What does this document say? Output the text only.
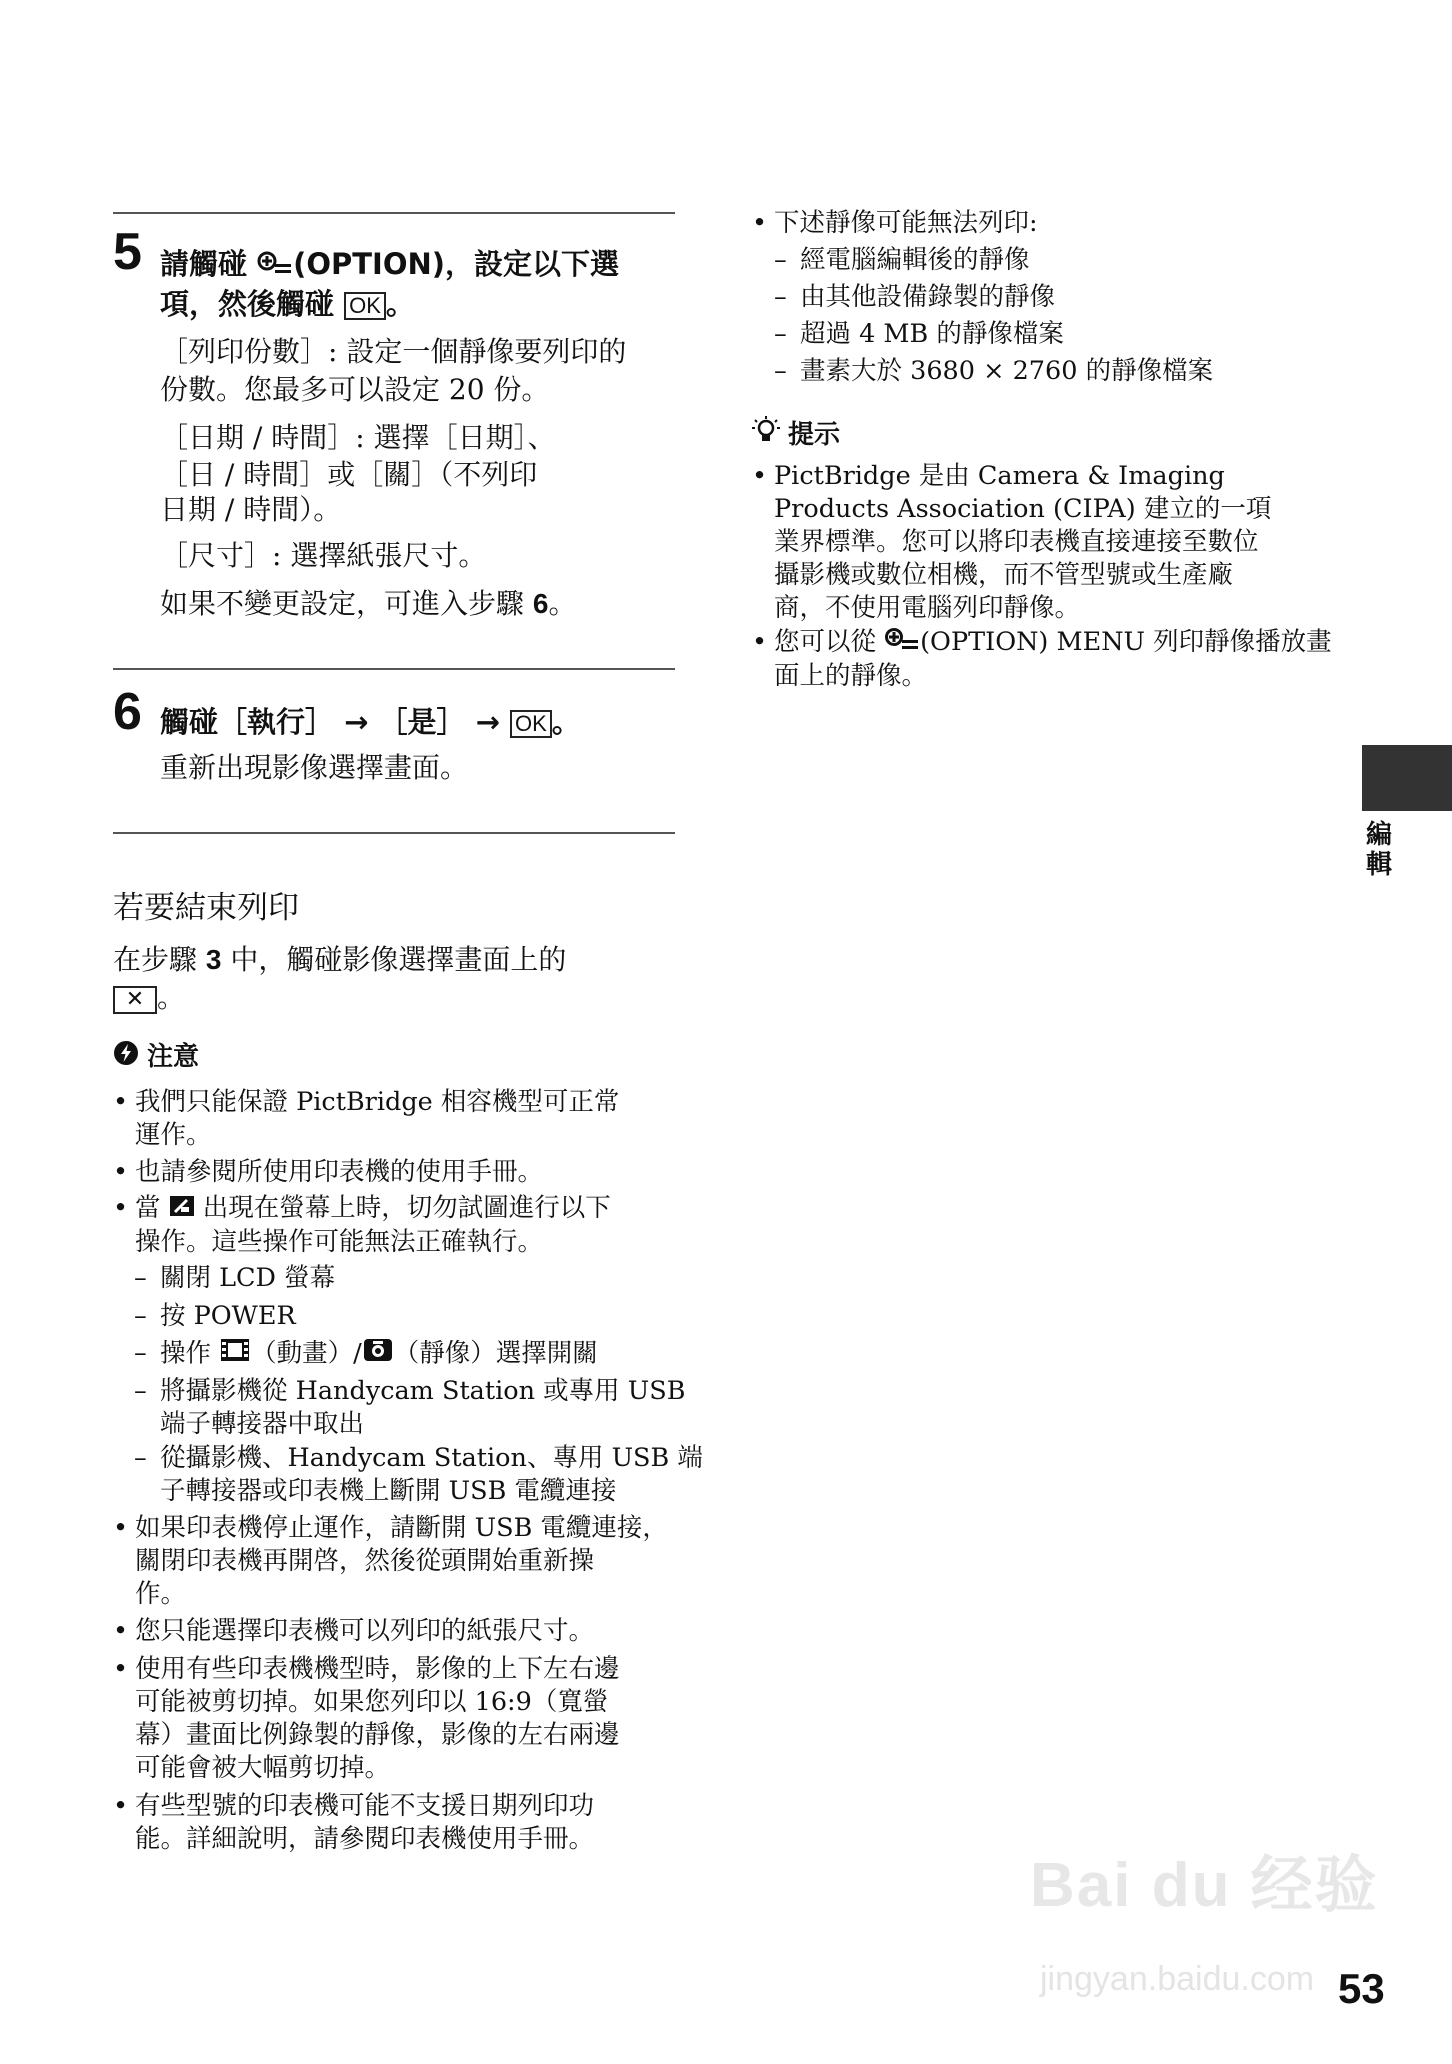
5 請觸碰 (OPTION)，設定以下選
項，然後觸碰 OK 。
［列印份數］: 設定一個靜像要列印的
份數。您最多可以設定 20 份。
［日期 / 時間］: 選擇［日期］、
［日 / 時間］或［關］（不列印
日期 / 時間）。
［尺寸］: 選擇紙張尺寸。
如果不變更設定，可進入步驟 6。
6 觸碰［執行］ → ［是］ → OK 。
重新出現影像選擇畫面。
若要結束列印
在步驟 3 中，觸碰影像選擇畫面上的
✕ 。
注意
• 我們只能保證 PictBridge 相容機型可正常
運作。
• 也請參閱所使用印表機的使用手冊。
• 當  出現在螢幕上時，切勿試圖進行以下
操作。這些操作可能無法正確執行。
– 關閉 LCD 螢幕
– 按 POWER
– 操作 （動畫）/ （靜像）選擇開關
– 將攝影機從 Handycam Station 或專用 USB
端子轉接器中取出
– 從攝影機、Handycam Station、專用 USB 端
子轉接器或印表機上斷開 USB 電纜連接
• 如果印表機停止運作，請斷開 USB 電纜連接，
關閉印表機再開啓，然後從頭開始重新操
作。
• 您只能選擇印表機可以列印的紙張尺寸。
• 使用有些印表機機型時，影像的上下左右邊
可能被剪切掉。如果您列印以 16:9（寬螢
幕）畫面比例錄製的靜像，影像的左右兩邊
可能會被大幅剪切掉。
• 有些型號的印表機可能不支援日期列印功
能。詳細說明，請參閱印表機使用手冊。
• 下述靜像可能無法列印:
– 經電腦編輯後的靜像
– 由其他設備錄製的靜像
– 超過 4 MB 的靜像檔案
– 畫素大於 3680 × 2760 的靜像檔案
提示
• PictBridge 是由 Camera & Imaging
Products Association (CIPA) 建立的一項
業界標準。您可以將印表機直接連接至數位
攝影機或數位相機，而不管型號或生產廠
商，不使用電腦列印靜像。
• 您可以從 (OPTION) MENU 列印靜像播放畫
面上的靜像。
編輯
Bai du 经验
jingyan.baidu.com 53
